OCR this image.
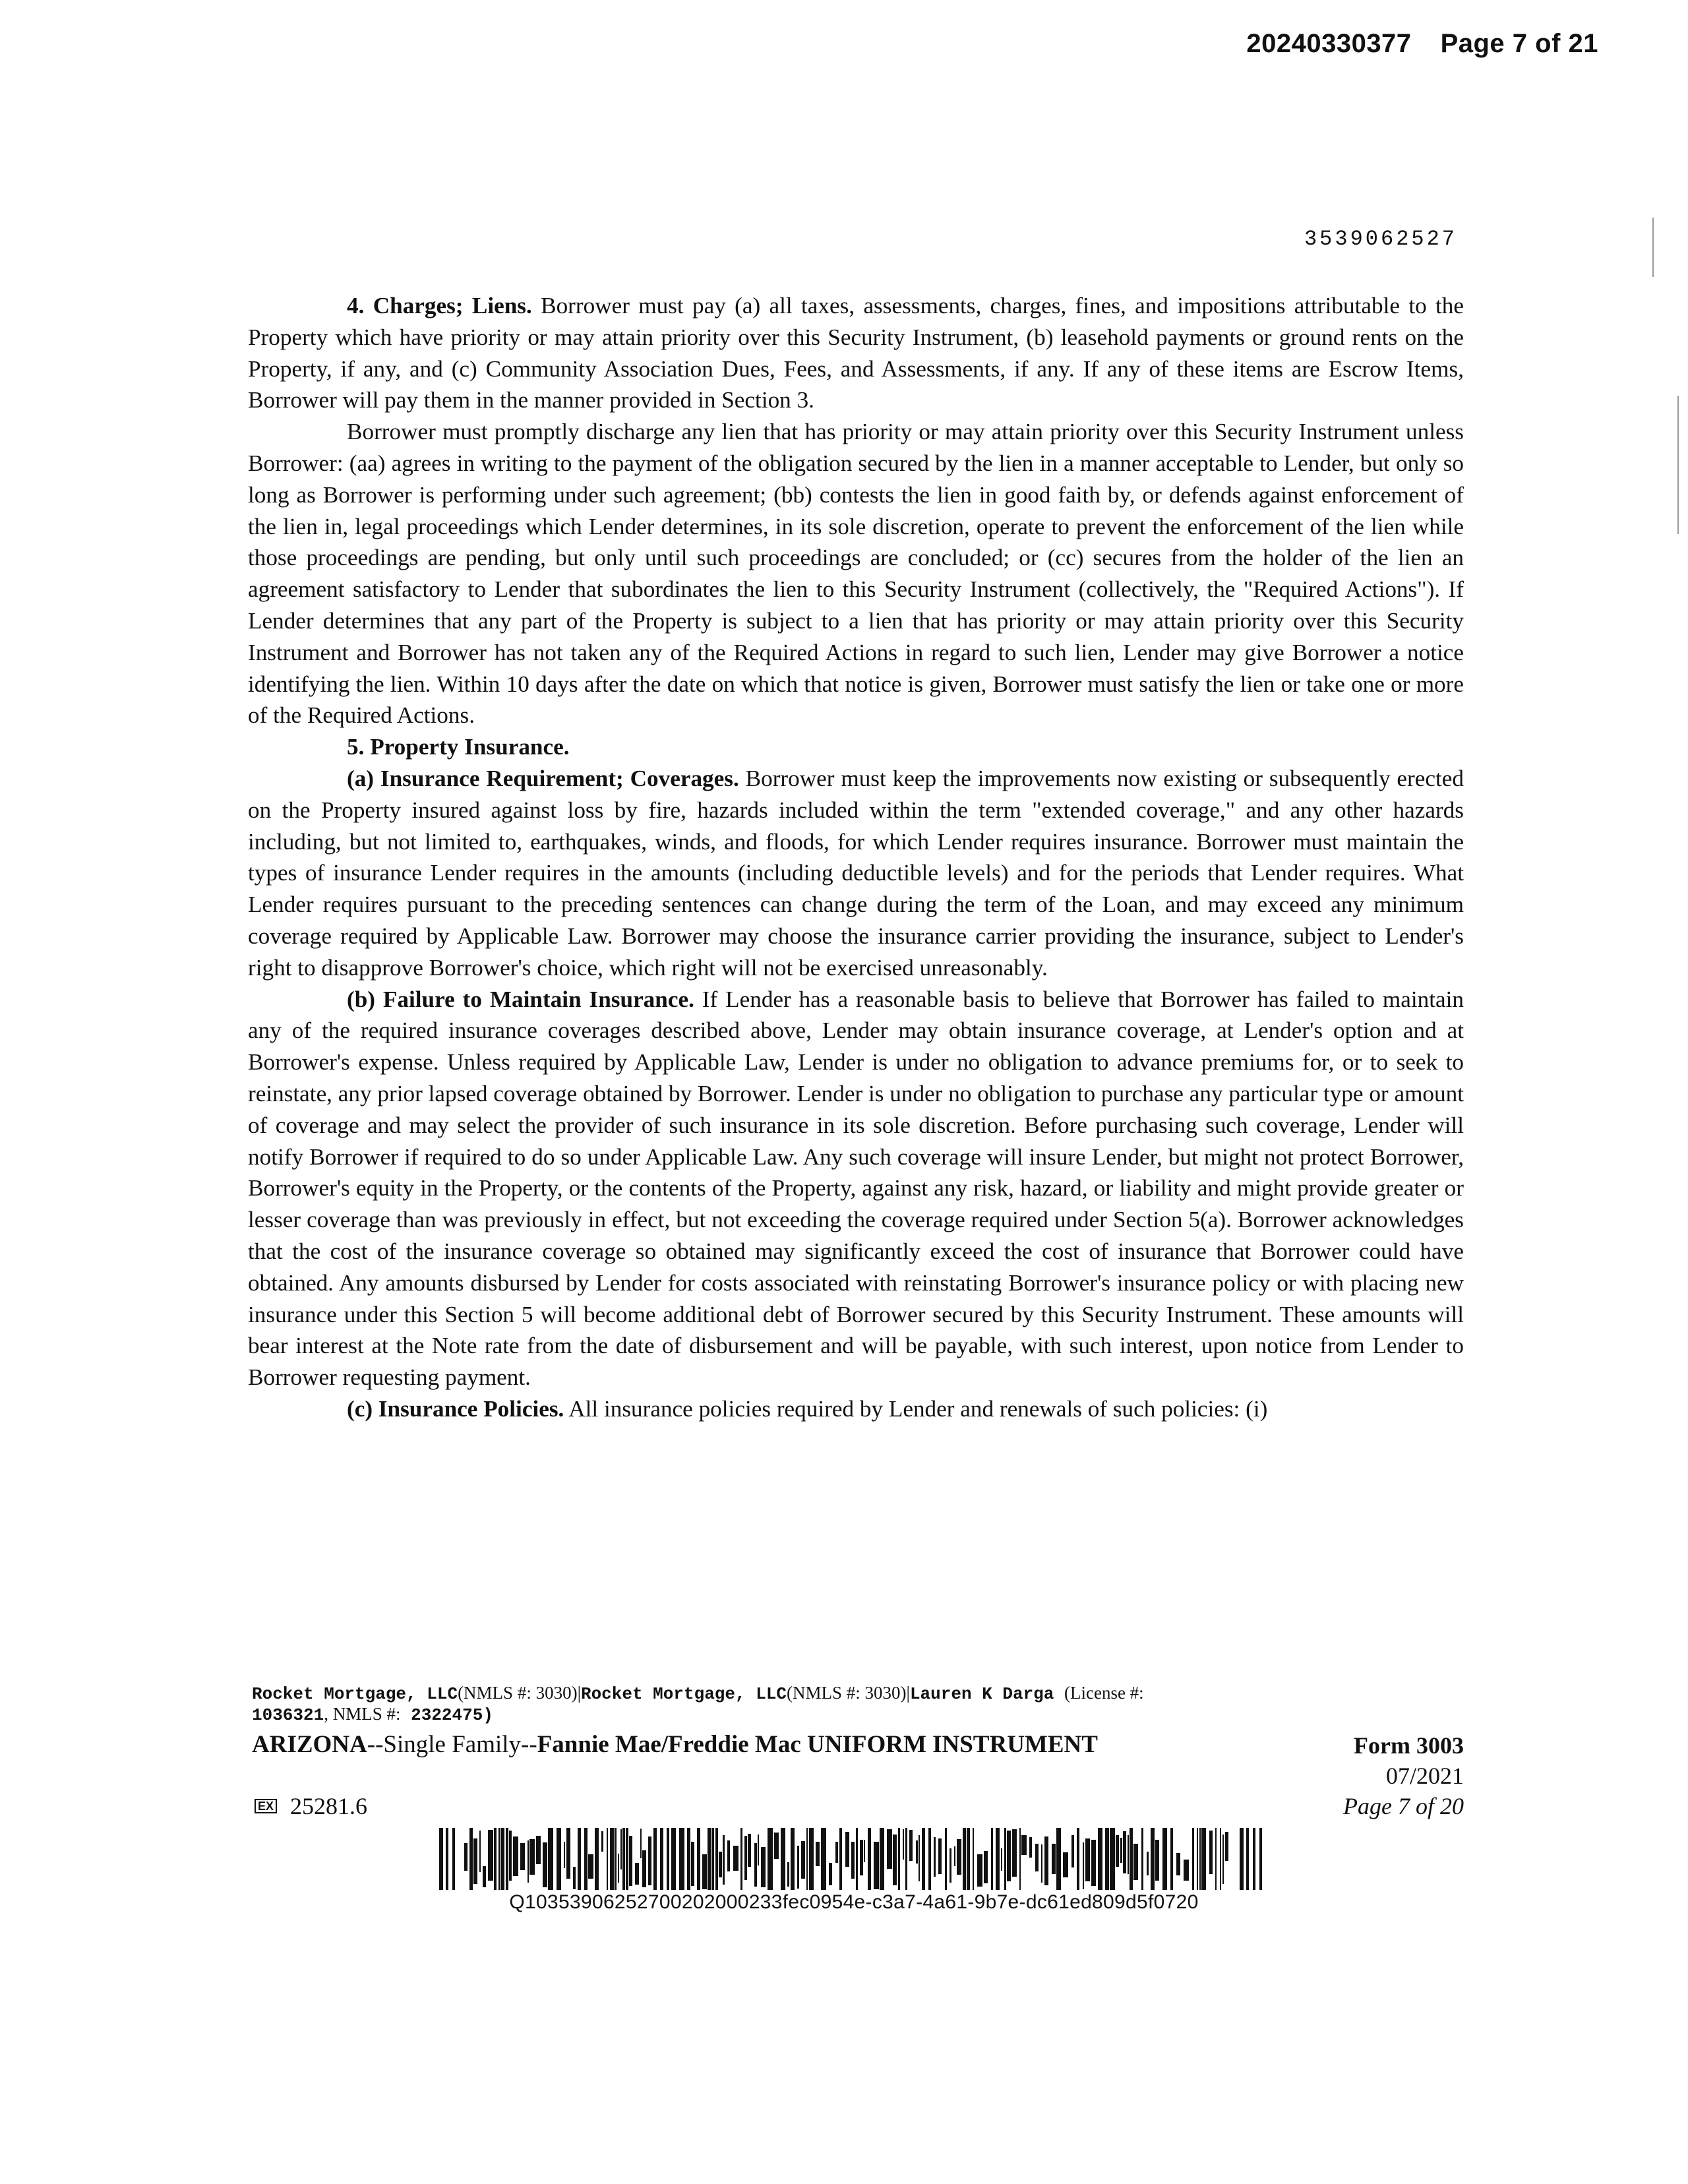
20240330377 Page 7 of 21
3539062527

4. Charges; Liens. Borrower must pay (a) all taxes, assessments, charges, fines, and impositions attributable to the Property which have priority or may attain priority over this Security Instrument, (b) leasehold payments or ground rents on the Property, if any, and (c) Community Association Dues, Fees, and Assessments, if any. If any of these items are Escrow Items, Borrower will pay them in the manner provided in Section 3.

Borrower must promptly discharge any lien that has priority or may attain priority over this Security Instrument unless Borrower: (aa) agrees in writing to the payment of the obligation secured by the lien in a manner acceptable to Lender, but only so long as Borrower is performing under such agreement; (bb) contests the lien in good faith by, or defends against enforcement of the lien in, legal proceedings which Lender determines, in its sole discretion, operate to prevent the enforcement of the lien while those proceedings are pending, but only until such proceedings are concluded; or (cc) secures from the holder of the lien an agreement satisfactory to Lender that subordinates the lien to this Security Instrument (collectively, the "Required Actions"). If Lender determines that any part of the Property is subject to a lien that has priority or may attain priority over this Security Instrument and Borrower has not taken any of the Required Actions in regard to such lien, Lender may give Borrower a notice identifying the lien. Within 10 days after the date on which that notice is given, Borrower must satisfy the lien or take one or more of the Required Actions.

5. Property Insurance.

(a) Insurance Requirement; Coverages. Borrower must keep the improvements now existing or subsequently erected on the Property insured against loss by fire, hazards included within the term "extended coverage," and any other hazards including, but not limited to, earthquakes, winds, and floods, for which Lender requires insurance. Borrower must maintain the types of insurance Lender requires in the amounts (including deductible levels) and for the periods that Lender requires. What Lender requires pursuant to the preceding sentences can change during the term of the Loan, and may exceed any minimum coverage required by Applicable Law. Borrower may choose the insurance carrier providing the insurance, subject to Lender's right to disapprove Borrower's choice, which right will not be exercised unreasonably.

(b) Failure to Maintain Insurance. If Lender has a reasonable basis to believe that Borrower has failed to maintain any of the required insurance coverages described above, Lender may obtain insurance coverage, at Lender's option and at Borrower's expense. Unless required by Applicable Law, Lender is under no obligation to advance premiums for, or to seek to reinstate, any prior lapsed coverage obtained by Borrower. Lender is under no obligation to purchase any particular type or amount of coverage and may select the provider of such insurance in its sole discretion. Before purchasing such coverage, Lender will notify Borrower if required to do so under Applicable Law. Any such coverage will insure Lender, but might not protect Borrower, Borrower's equity in the Property, or the contents of the Property, against any risk, hazard, or liability and might provide greater or lesser coverage than was previously in effect, but not exceeding the coverage required under Section 5(a). Borrower acknowledges that the cost of the insurance coverage so obtained may significantly exceed the cost of insurance that Borrower could have obtained. Any amounts disbursed by Lender for costs associated with reinstating Borrower's insurance policy or with placing new insurance under this Section 5 will become additional debt of Borrower secured by this Security Instrument. These amounts will bear interest at the Note rate from the date of disbursement and will be payable, with such interest, upon notice from Lender to Borrower requesting payment.

(c) Insurance Policies. All insurance policies required by Lender and renewals of such policies: (i)

Rocket Mortgage, LLC(NMLS #: 3030)|Rocket Mortgage, LLC(NMLS #: 3030)|Lauren K Darga (License #:
1036321, NMLS #: 2322475)
ARIZONA--Single Family--Fannie Mae/Freddie Mac UNIFORM INSTRUMENT	Form 3003
07/2021
Page 7 of 20
EX 25281.6
Q10353906252700202000233fec0954e-c3a7-4a61-9b7e-dc61ed809d5f0720
